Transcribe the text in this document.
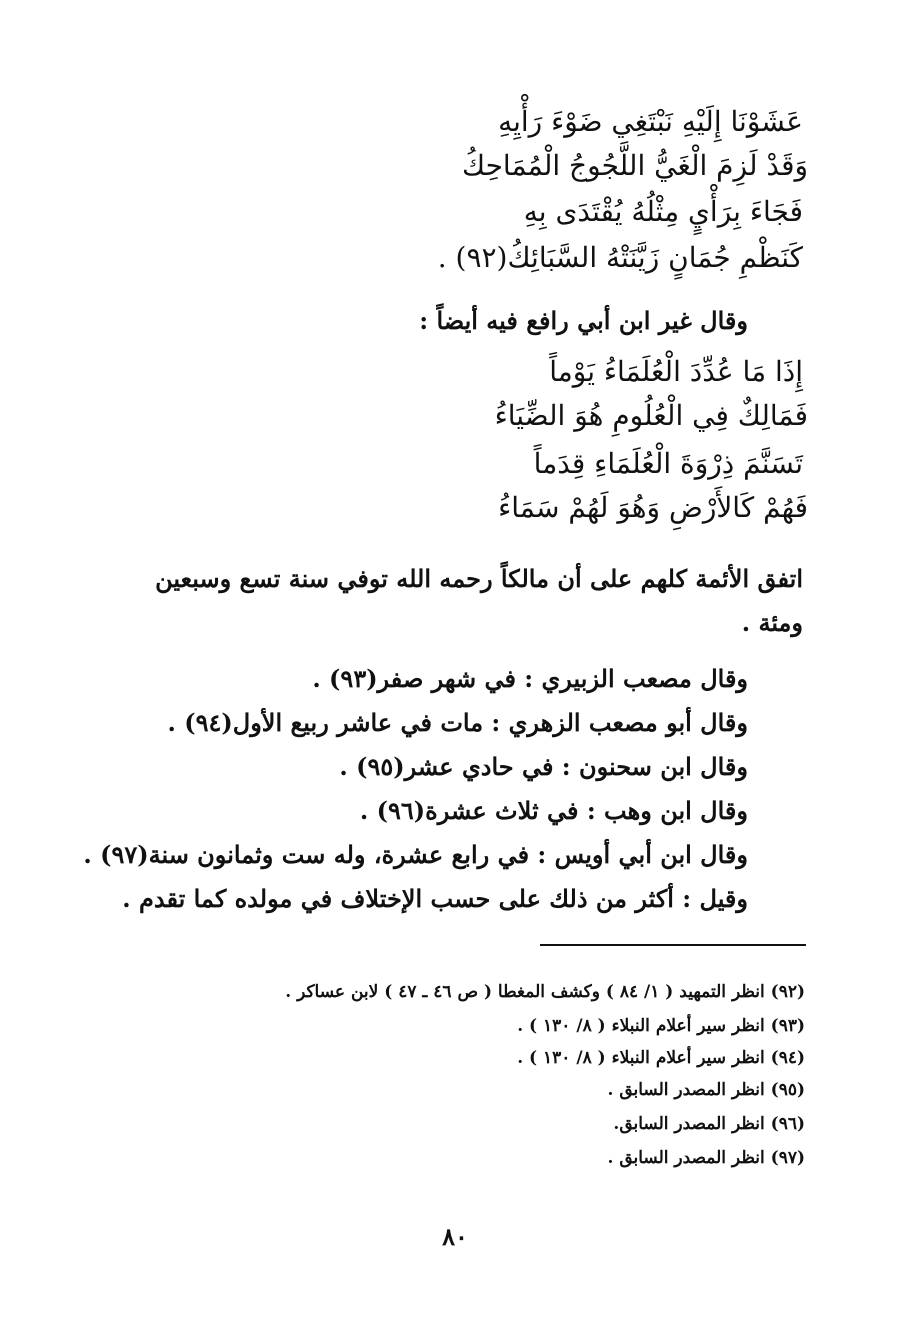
عَشَوْنَا إِلَيْهِ نَبْتَغِي ضَوْءَ رَأْيِهِ
وَقَدْ لَزِمَ الْغَيُّ اللَّجُوجُ الْمُمَاحِكُ
فَجَاءَ بِرَأْيٍ مِثْلُهُ يُقْتَدَى بِهِ
كَنَظْمِ جُمَانٍ زَيَّنَتْهُ السَّبَائِكُ(٩٢) .
وقال غير ابن أبي رافع فيه أيضاً :
إِذَا مَا عُدِّدَ الْعُلَمَاءُ يَوْماً
فَمَالِكٌ فِي الْعُلُومِ هُوَ الضِّيَاءُ
تَسَنَّمَ ذِرْوَةَ الْعُلَمَاءِ قِدَماً
فَهُمْ كَالأَرْضِ وَهُوَ لَهُمْ سَمَاءُ
اتفق الأئمة كلهم على أن مالكاً رحمه الله توفي سنة تسع وسبعين
ومئة .
وقال مصعب الزبيري : في شهر صفر(٩٣) .
وقال أبو مصعب الزهري : مات في عاشر ربيع الأول(٩٤) .
وقال ابن سحنون : في حادي عشر(٩٥) .
وقال ابن وهب : في ثلاث عشرة(٩٦) .
وقال ابن أبي أويس : في رابع عشرة، وله ست وثمانون سنة(٩٧) .
وقيل : أكثر من ذلك على حسب الإختلاف في مولده كما تقدم .
(٩٢) انظر التمهيد ( ١/ ٨٤ ) وكشف المغطا ( ص ٤٦ ـ ٤٧ ) لابن عساكر .
(٩٣) انظر سير أعلام النبلاء ( ٨/ ١٣٠ ) .
(٩٤) انظر سير أعلام النبلاء ( ٨/ ١٣٠ ) .
(٩٥) انظر المصدر السابق .
(٩٦) انظر المصدر السابق.
(٩٧) انظر المصدر السابق .
٨٠
